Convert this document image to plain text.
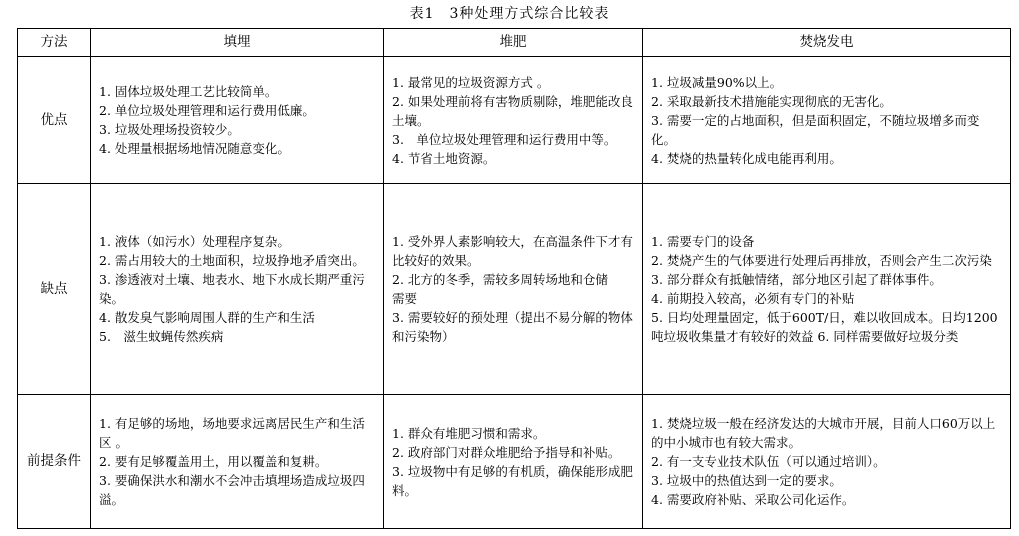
表1　3种处理方式综合比较表
方法	填埋	堆肥	焚烧发电
优点	1. 固体垃圾处理工艺比较简单。
2. 单位垃圾处理管理和运行费用低廉。
3. 垃圾处理场投资较少。
4. 处理量根据场地情况随意变化。	1. 最常见的垃圾资源方式 。
2. 如果处理前将有害物质剔除，堆肥能改良土壤。
3.　单位垃圾处理管理和运行费用中等。
4. 节省土地资源。	1. 垃圾减量90%以上。
2. 采取最新技术措施能实现彻底的无害化。
3. 需要一定的占地面积，但是面积固定，不随垃圾增多而变化。
4. 焚烧的热量转化成电能再利用。

缺点	1. 液体（如污水）处理程序复杂。
2. 需占用较大的土地面积，垃圾挣地矛盾突出。
3. 渗透液对土壤、地表水、地下水成长期严重污染。
4. 散发臭气影响周围人群的生产和生活
5.　滋生蚊蝇传然疾病	1. 受外界人素影响较大，在高温条件下才有比较好的效果。
2. 北方的冬季，需较多周转场地和仓储
需要
3. 需要较好的预处理（提出不易分解的物体和污染物）	1. 需要专门的设备
2. 焚烧产生的气体要进行处理后再排放，否则会产生二次污染
3. 部分群众有抵触情绪，部分地区引起了群体事件。
4. 前期投入较高，必须有专门的补贴
5. 日均处理量固定，低于600T/日，难以收回成本。日均1200吨垃圾收集量才有较好的效益 6. 同样需要做好垃圾分类

前提条件	1. 有足够的场地，场地要求远离居民生产和生活区 。
2. 要有足够覆盖用土，用以覆盖和复耕。
3. 要确保洪水和潮水不会冲击填埋场造成垃圾四溢。	1. 群众有堆肥习惯和需求。
2. 政府部门对群众堆肥给予指导和补贴。
3. 垃圾物中有足够的有机质，确保能形成肥料。	1. 焚烧垃圾一般在经济发达的大城市开展，目前人口60万以上的中小城市也有较大需求。
2. 有一支专业技术队伍（可以通过培训）。
3. 垃圾中的热值达到一定的要求。
4. 需要政府补贴、采取公司化运作。
